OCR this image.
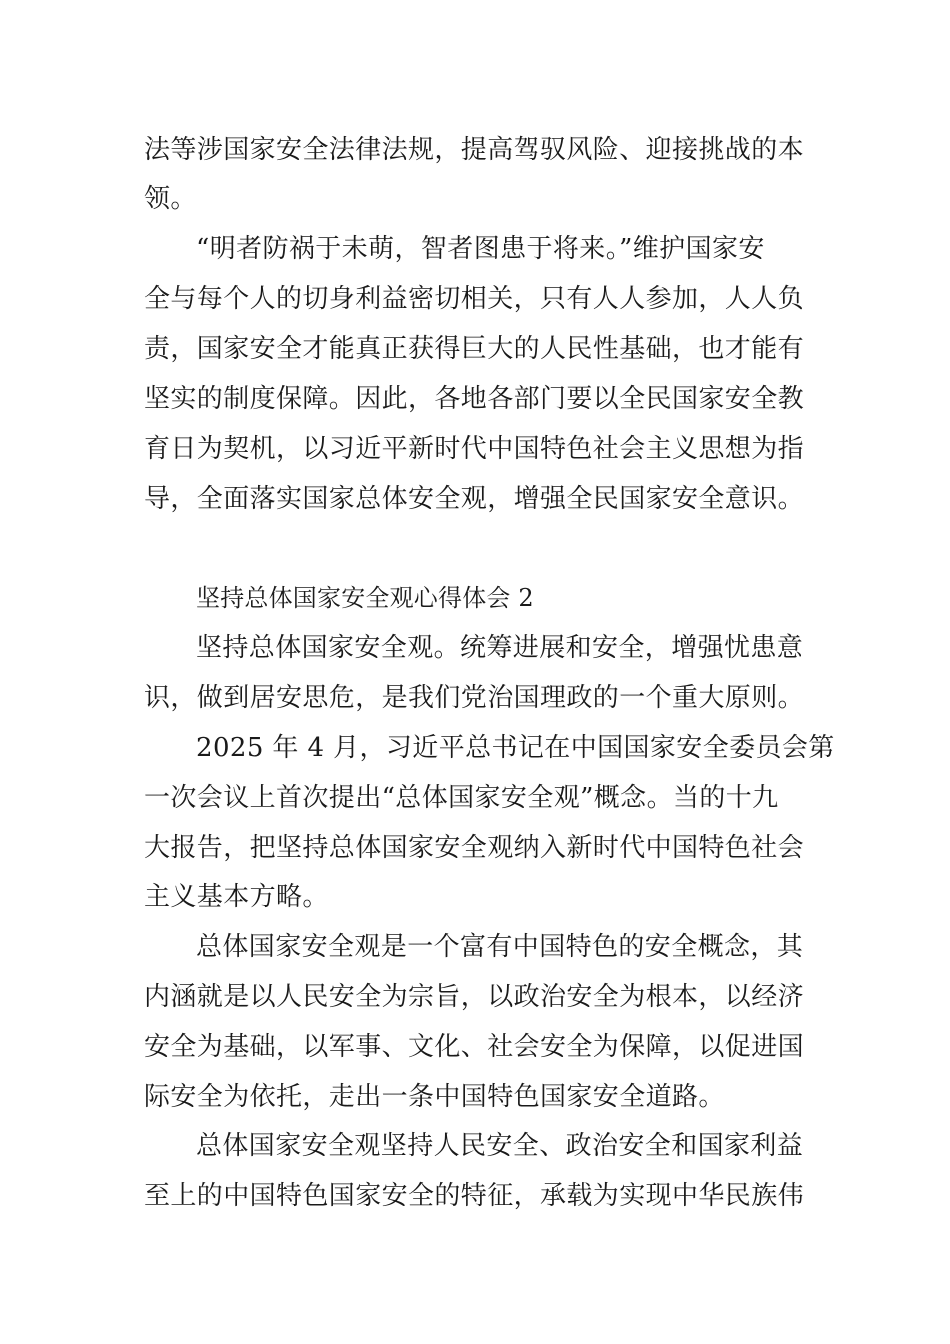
法等涉国家安全法律法规，提高驾驭风险、迎接挑战的本

领。

“明者防祸于未萌，智者图患于将来。”维护国家安

全与每个人的切身利益密切相关，只有人人参加，人人负

责，国家安全才能真正获得巨大的人民性基础，也才能有

坚实的制度保障。因此，各地各部门要以全民国家安全教

育日为契机，以习近平新时代中国特色社会主义思想为指

导，全面落实国家总体安全观，增强全民国家安全意识。

坚持总体国家安全观心得体会 2

坚持总体国家安全观。统筹进展和安全，增强忧患意

识，做到居安思危，是我们党治国理政的一个重大原则。

2025 年 4 月，习近平总书记在中国国家安全委员会第

一次会议上首次提出“总体国家安全观”概念。当的十九

大报告，把坚持总体国家安全观纳入新时代中国特色社会

主义基本方略。

总体国家安全观是一个富有中国特色的安全概念，其

内涵就是以人民安全为宗旨，以政治安全为根本，以经济

安全为基础，以军事、文化、社会安全为保障，以促进国

际安全为依托，走出一条中国特色国家安全道路。

总体国家安全观坚持人民安全、政治安全和国家利益

至上的中国特色国家安全的特征，承载为实现中华民族伟
